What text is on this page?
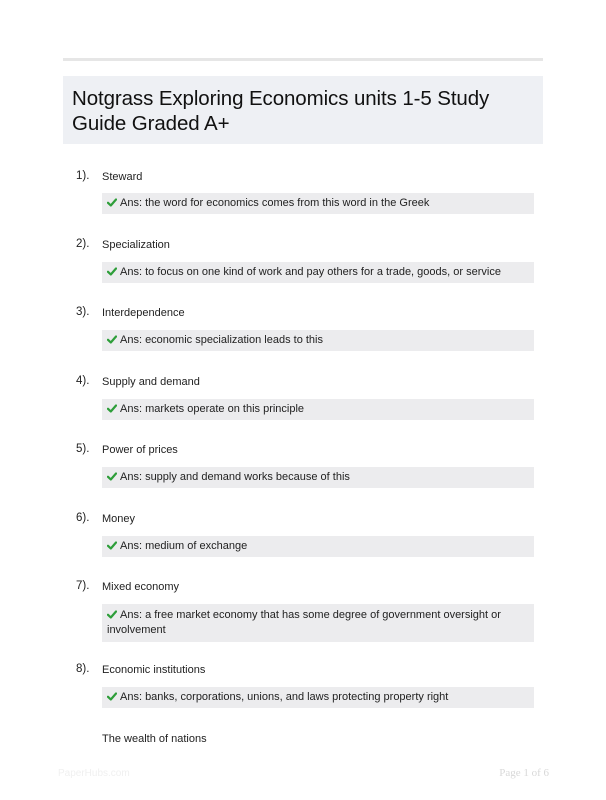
Notgrass Exploring Economics units 1-5 Study Guide Graded A+
1). Steward
Ans: the word for economics comes from this word in the Greek
2). Specialization
Ans: to focus on one kind of work and pay others for a trade, goods, or service
3). Interdependence
Ans: economic specialization leads to this
4). Supply and demand
Ans: markets operate on this principle
5). Power of prices
Ans: supply and demand works because of this
6). Money
Ans: medium of exchange
7). Mixed economy
Ans: a free market economy that has some degree of government oversight or involvement
8). Economic institutions
Ans: banks, corporations, unions, and laws protecting property right
The wealth of nations
PaperHubs.com	Page 1 of 6
